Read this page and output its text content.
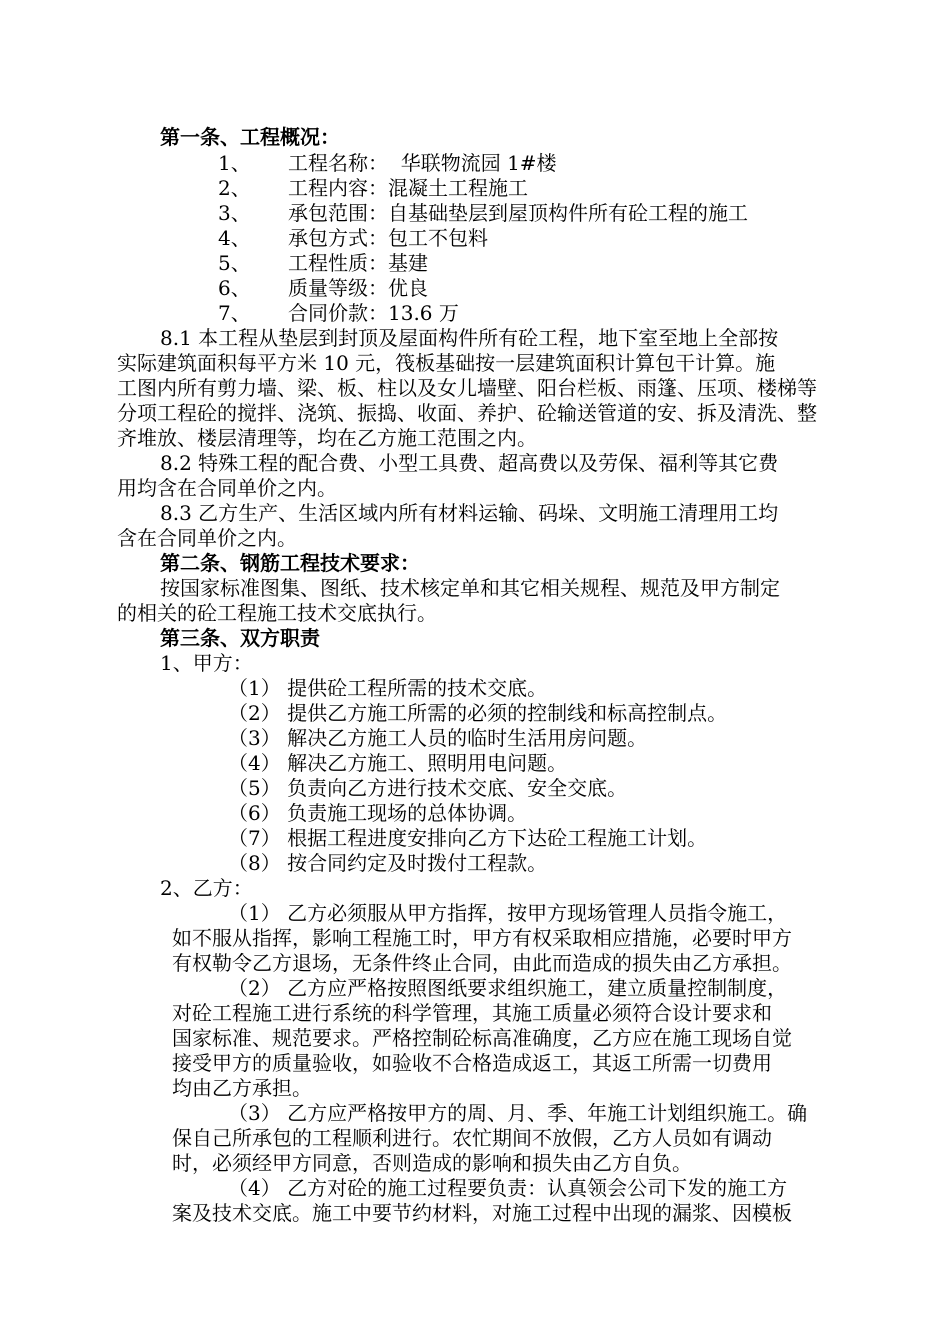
第一条、工程概况：
1、 工程名称：  华联物流园 1#楼
2、 工程内容：混凝土工程施工
3、 承包范围：自基础垫层到屋顶构件所有砼工程的施工
4、 承包方式：包工不包料
5、 工程性质：基建
6、 质量等级：优良
7、 合同价款：13.6 万
8.1 本工程从垫层到封顶及屋面构件所有砼工程，地下室至地上全部按
实际建筑面积每平方米 10 元，筏板基础按一层建筑面积计算包干计算。施
工图内所有剪力墙、梁、板、柱以及女儿墙壁、阳台栏板、雨篷、压项、楼梯等
分项工程砼的搅拌、浇筑、振捣、收面、养护、砼输送管道的安、拆及清洗、整
齐堆放、楼层清理等，均在乙方施工范围之内。
8.2 特殊工程的配合费、小型工具费、超高费以及劳保、福利等其它费
用均含在合同单价之内。
8.3 乙方生产、生活区域内所有材料运输、码垛、文明施工清理用工均
含在合同单价之内。
第二条、钢筋工程技术要求：
按国家标准图集、图纸、技术核定单和其它相关规程、规范及甲方制定
的相关的砼工程施工技术交底执行。
第三条、双方职责
1、甲方：
（1） 提供砼工程所需的技术交底。
（2） 提供乙方施工所需的必须的控制线和标高控制点。
（3） 解决乙方施工人员的临时生活用房问题。
（4） 解决乙方施工、照明用电问题。
（5） 负责向乙方进行技术交底、安全交底。
（6） 负责施工现场的总体协调。
（7） 根据工程进度安排向乙方下达砼工程施工计划。
（8） 按合同约定及时拨付工程款。
2、乙方：
（1） 乙方必须服从甲方指挥，按甲方现场管理人员指令施工，
如不服从指挥，影响工程施工时，甲方有权采取相应措施，必要时甲方
有权勒令乙方退场，无条件终止合同，由此而造成的损失由乙方承担。
（2） 乙方应严格按照图纸要求组织施工，建立质量控制制度，
对砼工程施工进行系统的科学管理，其施工质量必须符合设计要求和
国家标准、规范要求。严格控制砼标高准确度，乙方应在施工现场自觉
接受甲方的质量验收，如验收不合格造成返工，其返工所需一切费用
均由乙方承担。
（3） 乙方应严格按甲方的周、月、季、年施工计划组织施工。确
保自己所承包的工程顺利进行。农忙期间不放假，乙方人员如有调动
时，必须经甲方同意，否则造成的影响和损失由乙方自负。
（4） 乙方对砼的施工过程要负责：认真领会公司下发的施工方
案及技术交底。施工中要节约材料，对施工过程中出现的漏浆、因模板
